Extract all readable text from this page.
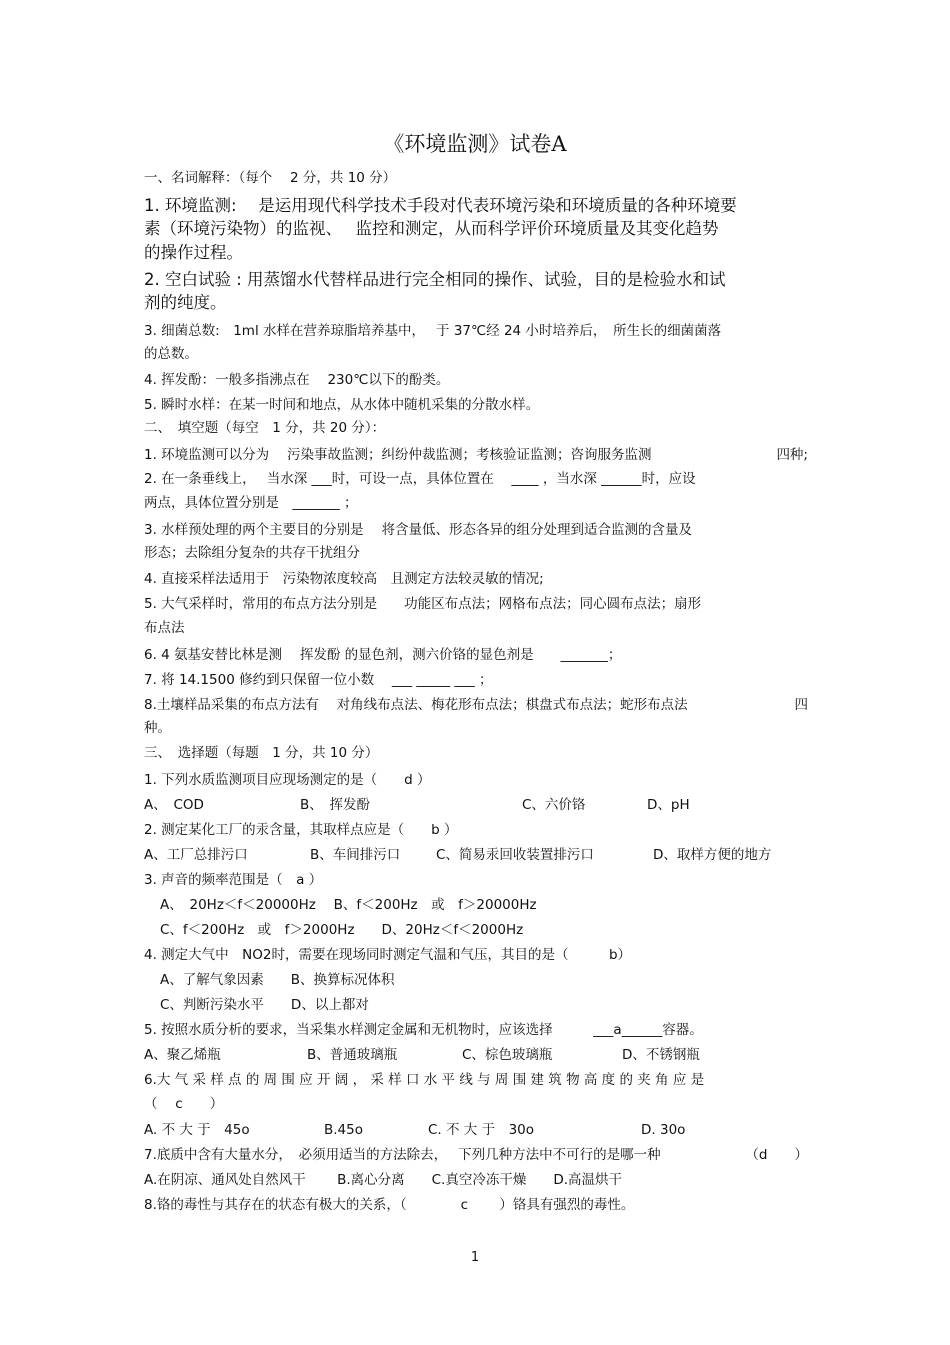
《环境监测》试卷A
一、名词解释：（每个　 2 分，共 10 分）
1. 环境监测:　 是运用现代科学技术手段对代表环境污染和环境质量的各种环境要
素（环境污染物）的监视、　 监控和测定，从而科学评价环境质量及其变化趋势
的操作过程。
2. 空白试验 : 用蒸馏水代替样品进行完全相同的操作、试验，目的是检验水和试
剂的纯度。
3. 细菌总数:　1ml 水样在营养琼脂培养基中，　 于 37℃经 24 小时培养后，　所生长的细菌菌落
的总数。
4. 挥发酚：一般多指沸点在　 230℃以下的酚类。
5. 瞬时水样：在某一时间和地点，从水体中随机采集的分散水样。
二、　填空题（每空　1 分，共 20 分）：
1. 环境监测可以分为　 污染事故监测；纠纷仲裁监测；考核验证监测；咨询服务监测	四种;
2. 在一条垂线上，　 当水深 ___时，可设一点，具体位置在　 ____ ，当水深 ______时，应设
两点，具体位置分别是　_______ ；
3. 水样预处理的两个主要目的分别是　 将含量低、形态各异的组分处理到适合监测的含量及
形态；去除组分复杂的共存干扰组分
4. 直接采样法适用于　污染物浓度较高　且测定方法较灵敏的情况;
5. 大气采样时，常用的布点方法分别是　　功能区布点法；网格布点法；同心圆布点法；扇形
布点法
6. 4 氨基安替比林是测　 挥发酚 的显色剂，测六价铬的显色剂是　　_______；
7. 将 14.1500 修约到只保留一位小数　 ___ _____ ___ ；
8.土壤样品采集的布点方法有　 对角线布点法、梅花形布点法；棋盘式布点法；蛇形布点法	四
种。
三、　选择题（每题　1 分，共 10 分）
1. 下列水质监测项目应现场测定的是（　　d ）
A、　COD	B、　挥发酚	C、六价铬	D、pH
2. 测定某化工厂的汞含量，其取样点应是（　　b ）
A、工厂总排污口	B、车间排污口	C、简易汞回收装置排污口	D、取样方便的地方
3. 声音的频率范围是（　a ）
A、　20Hz＜f＜20000Hz　 B、f＜200Hz　或　f＞20000Hz
C、f＜200Hz　或　f＞2000Hz　　D、20Hz＜f＜2000Hz
4. 测定大气中　NO2时，需要在现场同时测定气温和气压，其目的是（　　　b）
A、了解气象因素　　B、换算标况体积
C、判断污染水平　　D、以上都对
5. 按照水质分析的要求，当采集水样测定金属和无机物时，应该选择　　　___a______容器。
A、聚乙烯瓶	B、普通玻璃瓶	C、棕色玻璃瓶	D、不锈钢瓶
6.大 气 采 样 点 的 周 围 应 开 阔 ， 采 样 口 水 平 线 与 周 围 建 筑 物 高 度 的 夹 角 应 是
（　 c　　）
A. 不 大 于　45o	B.45o	C. 不 大 于　30o	D. 30o
7.底质中含有大量水分，　必须用适当的方法除去，　 下列几种方法中不可行的是哪一种	（d　　）
A.在阴凉、通风处自然风干　　 B.离心分离　　C.真空冷冻干燥　　D.高温烘干
8.铬的毒性与其存在的状态有极大的关系，（　　　　c　　 ）铬具有强烈的毒性。
1
